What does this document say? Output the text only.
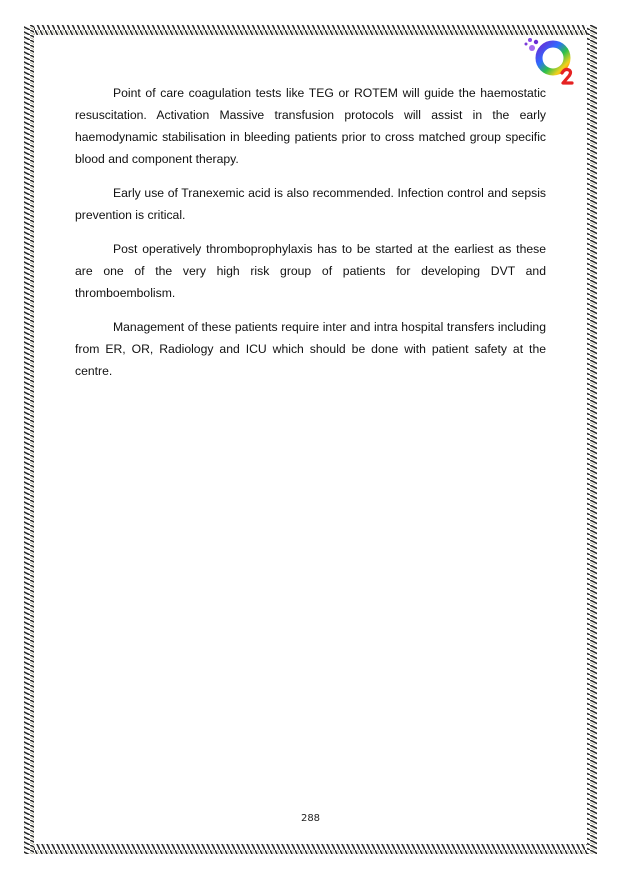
Point of care coagulation tests like TEG or ROTEM will guide the haemostatic resuscitation. Activation Massive transfusion protocols will assist in the early haemodynamic stabilisation in bleeding patients prior to cross matched group specific blood and component therapy.

Early use of Tranexemic acid is also recommended. Infection control and sepsis prevention is critical.

Post operatively thromboprophylaxis has to be started at the earliest as these are one of the very high risk group of patients for developing DVT and thromboembolism.

Management of these patients require inter and intra hospital transfers including from ER, OR, Radiology and ICU which should be done with patient safety at the centre.

288
